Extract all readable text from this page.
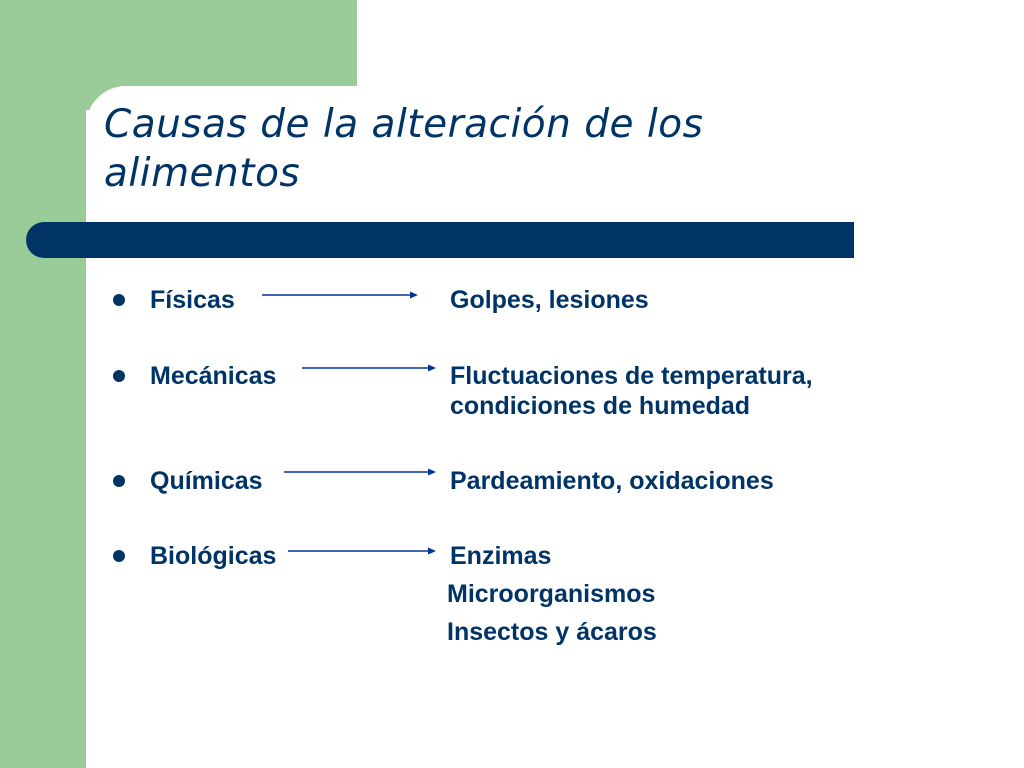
Causas de la alteración de los alimentos
Físicas	Golpes, lesiones
Mecánicas	Fluctuaciones de temperatura,
condiciones de humedad
Químicas	Pardeamiento, oxidaciones
Biológicas	Enzimas
Microorganismos
Insectos y ácaros
